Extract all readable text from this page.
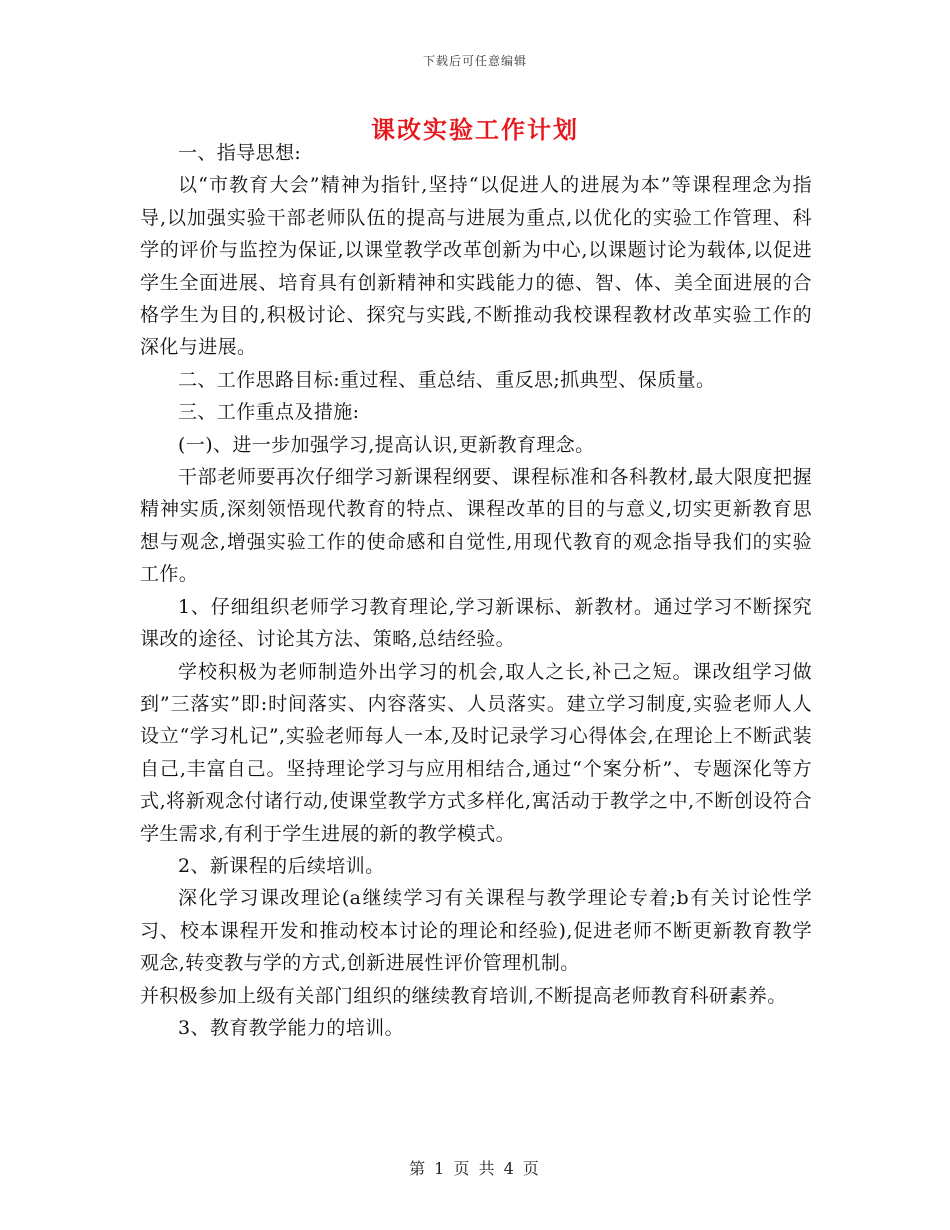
下载后可任意编辑
课改实验工作计划

一、指导思想:

以“市教育大会”精神为指针,坚持“以促进人的进展为本”等课程理念为指导,以加强实验干部老师队伍的提高与进展为重点,以优化的实验工作管理、科学的评价与监控为保证,以课堂教学改革创新为中心,以课题讨论为载体,以促进学生全面进展、培育具有创新精神和实践能力的德、智、体、美全面进展的合格学生为目的,积极讨论、探究与实践,不断推动我校课程教材改革实验工作的深化与进展。

二、工作思路目标:重过程、重总结、重反思;抓典型、保质量。

三、工作重点及措施:

(一)、进一步加强学习,提高认识,更新教育理念。

干部老师要再次仔细学习新课程纲要、课程标准和各科教材,最大限度把握精神实质,深刻领悟现代教育的特点、课程改革的目的与意义,切实更新教育思想与观念,增强实验工作的使命感和自觉性,用现代教育的观念指导我们的实验工作。

1、仔细组织老师学习教育理论,学习新课标、新教材。通过学习不断探究课改的途径、讨论其方法、策略,总结经验。

学校积极为老师制造外出学习的机会,取人之长,补己之短。课改组学习做到”三落实”即:时间落实、内容落实、人员落实。建立学习制度,实验老师人人设立“学习札记”,实验老师每人一本,及时记录学习心得体会,在理论上不断武装自己,丰富自己。坚持理论学习与应用相结合,通过“个案分析”、专题深化等方式,将新观念付诸行动,使课堂教学方式多样化,寓活动于教学之中,不断创设符合学生需求,有利于学生进展的新的教学模式。

2、新课程的后续培训。

深化学习课改理论(a继续学习有关课程与教学理论专着;b有关讨论性学习、校本课程开发和推动校本讨论的理论和经验),促进老师不断更新教育教学观念,转变教与学的方式,创新进展性评价管理机制。

并积极参加上级有关部门组织的继续教育培训,不断提高老师教育科研素养。

3、教育教学能力的培训。

第 1 页 共 4 页
